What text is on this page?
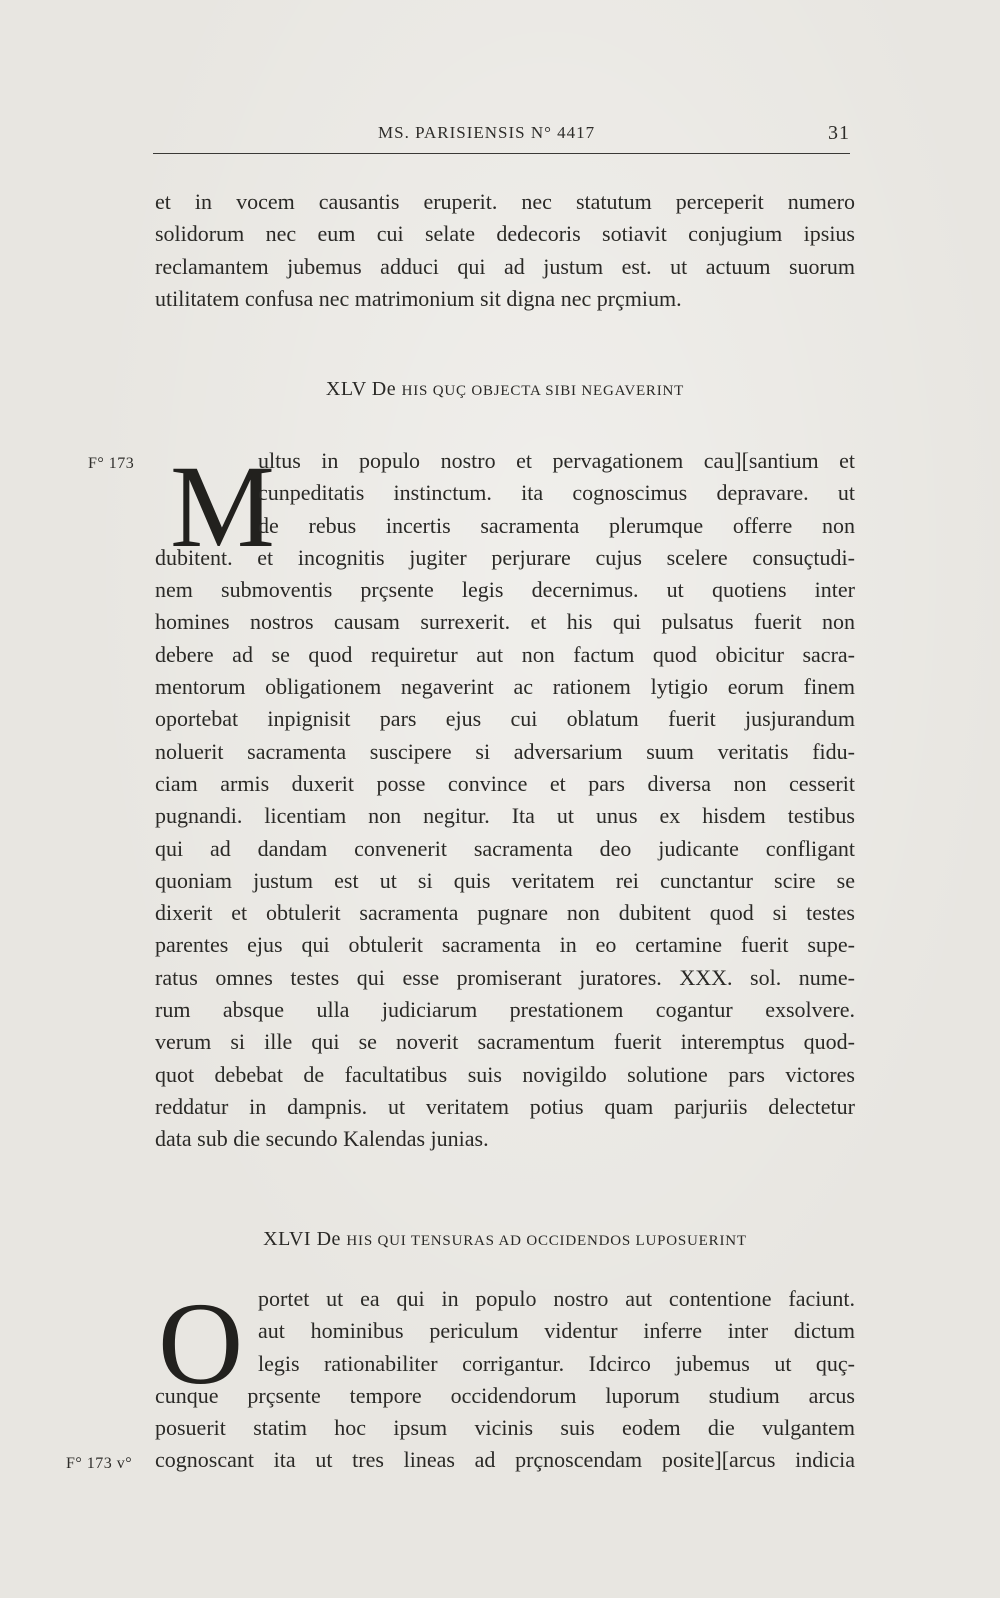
MS. PARISIENSIS N° 4417	31
et in vocem causantis eruperit. nec statutum perceperit numero
solidorum nec eum cui selate dedecoris sotiavit conjugium ipsius
reclamantem jubemus adduci qui ad justum est. ut actuum suorum
utilitatem confusa nec matrimonium sit digna nec prçmium.
XLV De HIS QUÇ OBJECTA SIBI NEGAVERINT
F° 173 M
ultus in populo nostro et pervagationem cau][santium et
cunpeditatis instinctum. ita cognoscimus depravare. ut
de rebus incertis sacramenta plerumque offerre non
dubitent. et incognitis jugiter perjurare cujus scelere consuçtudi-
nem submoventis prçsente legis decernimus. ut quotiens inter
homines nostros causam surrexerit. et his qui pulsatus fuerit non
debere ad se quod requiretur aut non factum quod obicitur sacra-
mentorum obligationem negaverint ac rationem lytigio eorum finem
oportebat inpignisit pars ejus cui oblatum fuerit jusjurandum
noluerit sacramenta suscipere si adversarium suum veritatis fidu-
ciam armis duxerit posse convince et pars diversa non cesserit
pugnandi. licentiam non negitur. Ita ut unus ex hisdem testibus
qui ad dandam convenerit sacramenta deo judicante confligant
quoniam justum est ut si quis veritatem rei cunctantur scire se
dixerit et obtulerit sacramenta pugnare non dubitent quod si testes
parentes ejus qui obtulerit sacramenta in eo certamine fuerit supe-
ratus omnes testes qui esse promiserant juratores. XXX. sol. nume-
rum absque ulla judiciarum prestationem cogantur exsolvere.
verum si ille qui se noverit sacramentum fuerit interemptus quod-
quot debebat de facultatibus suis novigildo solutione pars victores
reddatur in dampnis. ut veritatem potius quam parjuriis delectetur
data sub die secundo Kalendas junias.
XLVI De HIS QUI TENSURAS AD OCCIDENDOS LUPOSUERINT
O
F° 173 v°
portet ut ea qui in populo nostro aut contentione faciunt.
aut hominibus periculum videntur inferre inter dictum
legis rationabiliter corrigantur. Idcirco jubemus ut quç-
cunque prçsente tempore occidendorum luporum studium arcus
posuerit statim hoc ipsum vicinis suis eodem die vulgantem
cognoscant ita ut tres lineas ad prçnoscendam posite][arcus indicia
